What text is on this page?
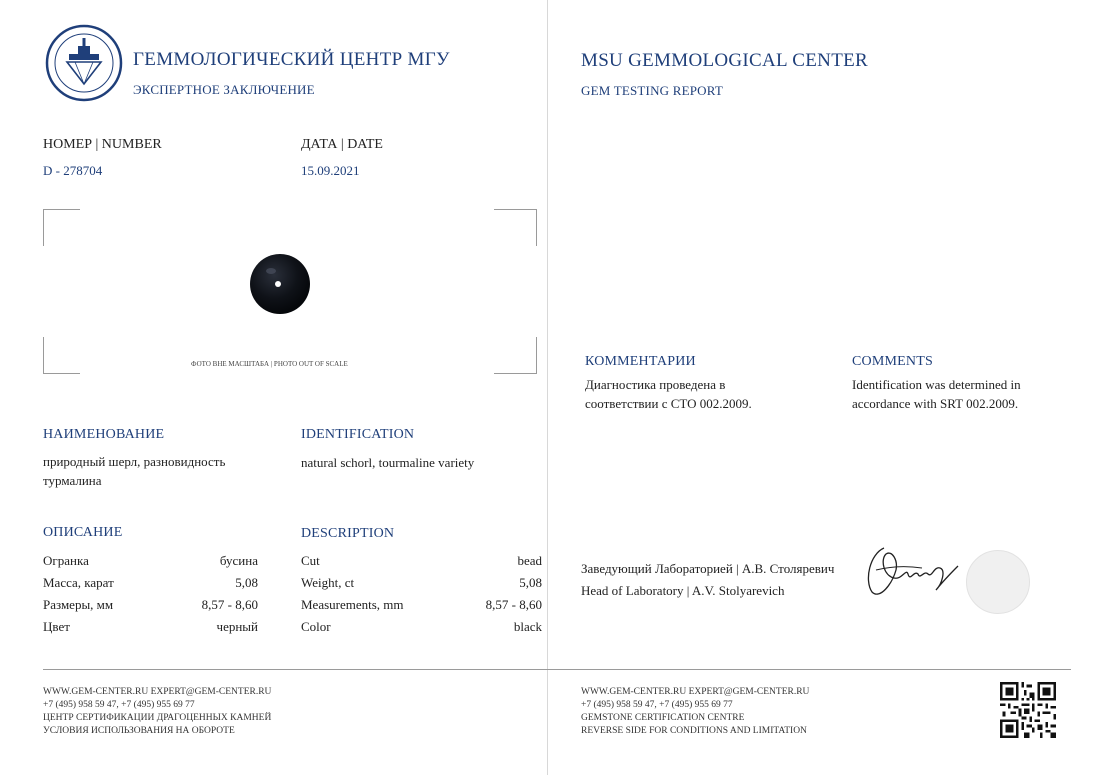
ГЕММОЛОГИЧЕСКИЙ ЦЕНТР МГУ
ЭКСПЕРТНОЕ ЗАКЛЮЧЕНИЕ
НОМЕР | NUMBER
D - 278704
ДАТА | DATE
15.09.2021
ФОТО ВНЕ МАСШТАБА | PHOTO OUT OF SCALE
НАИМЕНОВАНИЕ	IDENTIFICATION
природный шерл, разновидность
турмалина
natural schorl, tourmaline variety
ОПИСАНИЕ	DESCRIPTION
Огранка	бусина	Cut	bead
Масса, карат	5,08	Weight, ct	5,08
Размеры, мм	8,57 - 8,60	Measurements, mm	8,57 - 8,60
Цвет	черный	Color	black
WWW.GEM-CENTER.RU EXPERT@GEM-CENTER.RU
+7 (495) 958 59 47, +7 (495) 955 69 77
ЦЕНТР СЕРТИФИКАЦИИ ДРАГОЦЕННЫХ КАМНЕЙ
УСЛОВИЯ ИСПОЛЬЗОВАНИЯ НА ОБОРОТЕ
MSU GEMMOLOGICAL CENTER
GEM TESTING REPORT
КОММЕНТАРИИ
Диагностика проведена в
соответствии с СТО 002.2009.
COMMENTS
Identification was determined in
accordance with SRT 002.2009.
Заведующий Лабораторией | А.В. Столяревич
Head of Laboratory | A.V. Stolyarevich
WWW.GEM-CENTER.RU EXPERT@GEM-CENTER.RU
+7 (495) 958 59 47, +7 (495) 955 69 77
GEMSTONE CERTIFICATION CENTRE
REVERSE SIDE FOR CONDITIONS AND LIMITATION
